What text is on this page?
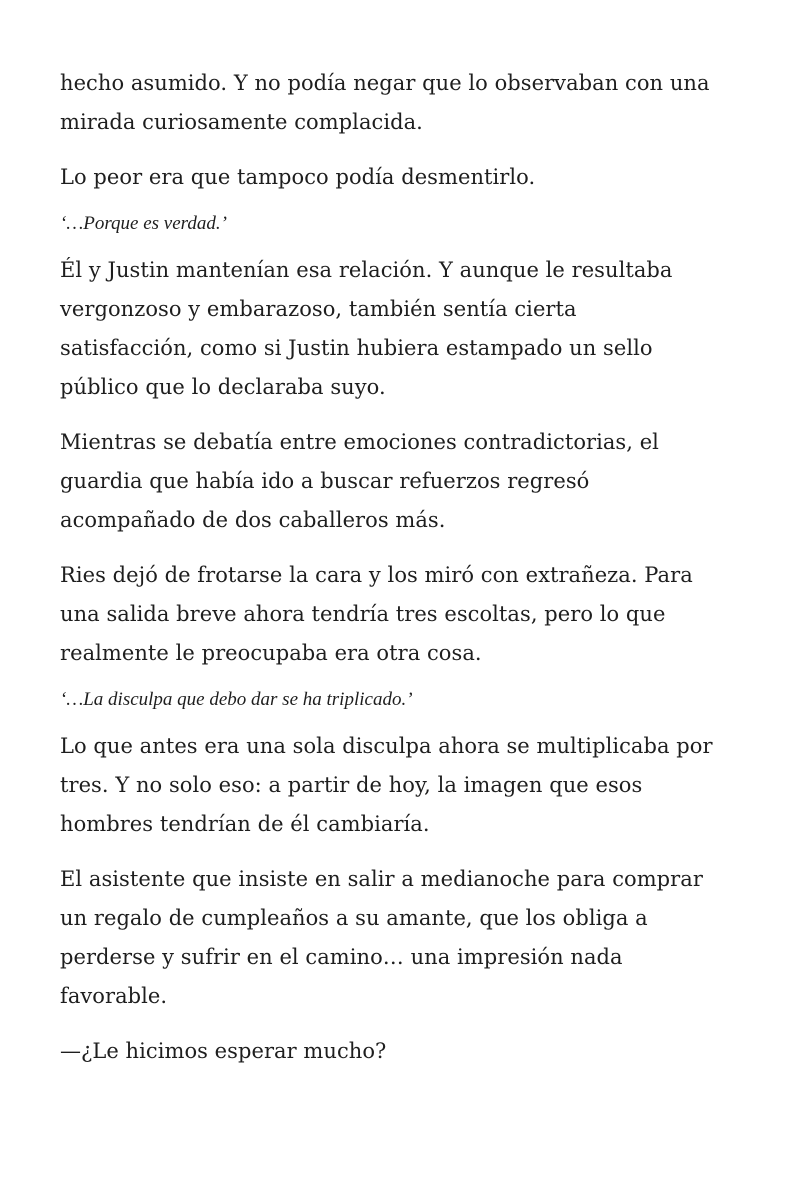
hecho asumido. Y no podía negar que lo observaban con una
mirada curiosamente complacida.

Lo peor era que tampoco podía desmentirlo.

‘…Porque es verdad.’

Él y Justin mantenían esa relación. Y aunque le resultaba
vergonzoso y embarazoso, también sentía cierta
satisfacción, como si Justin hubiera estampado un sello
público que lo declaraba suyo.

Mientras se debatía entre emociones contradictorias, el
guardia que había ido a buscar refuerzos regresó
acompañado de dos caballeros más.

Ries dejó de frotarse la cara y los miró con extrañeza. Para
una salida breve ahora tendría tres escoltas, pero lo que
realmente le preocupaba era otra cosa.

‘…La disculpa que debo dar se ha triplicado.’

Lo que antes era una sola disculpa ahora se multiplicaba por
tres. Y no solo eso: a partir de hoy, la imagen que esos
hombres tendrían de él cambiaría.

El asistente que insiste en salir a medianoche para comprar
un regalo de cumpleaños a su amante, que los obliga a
perderse y sufrir en el camino… una impresión nada
favorable.

—¿Le hicimos esperar mucho?
